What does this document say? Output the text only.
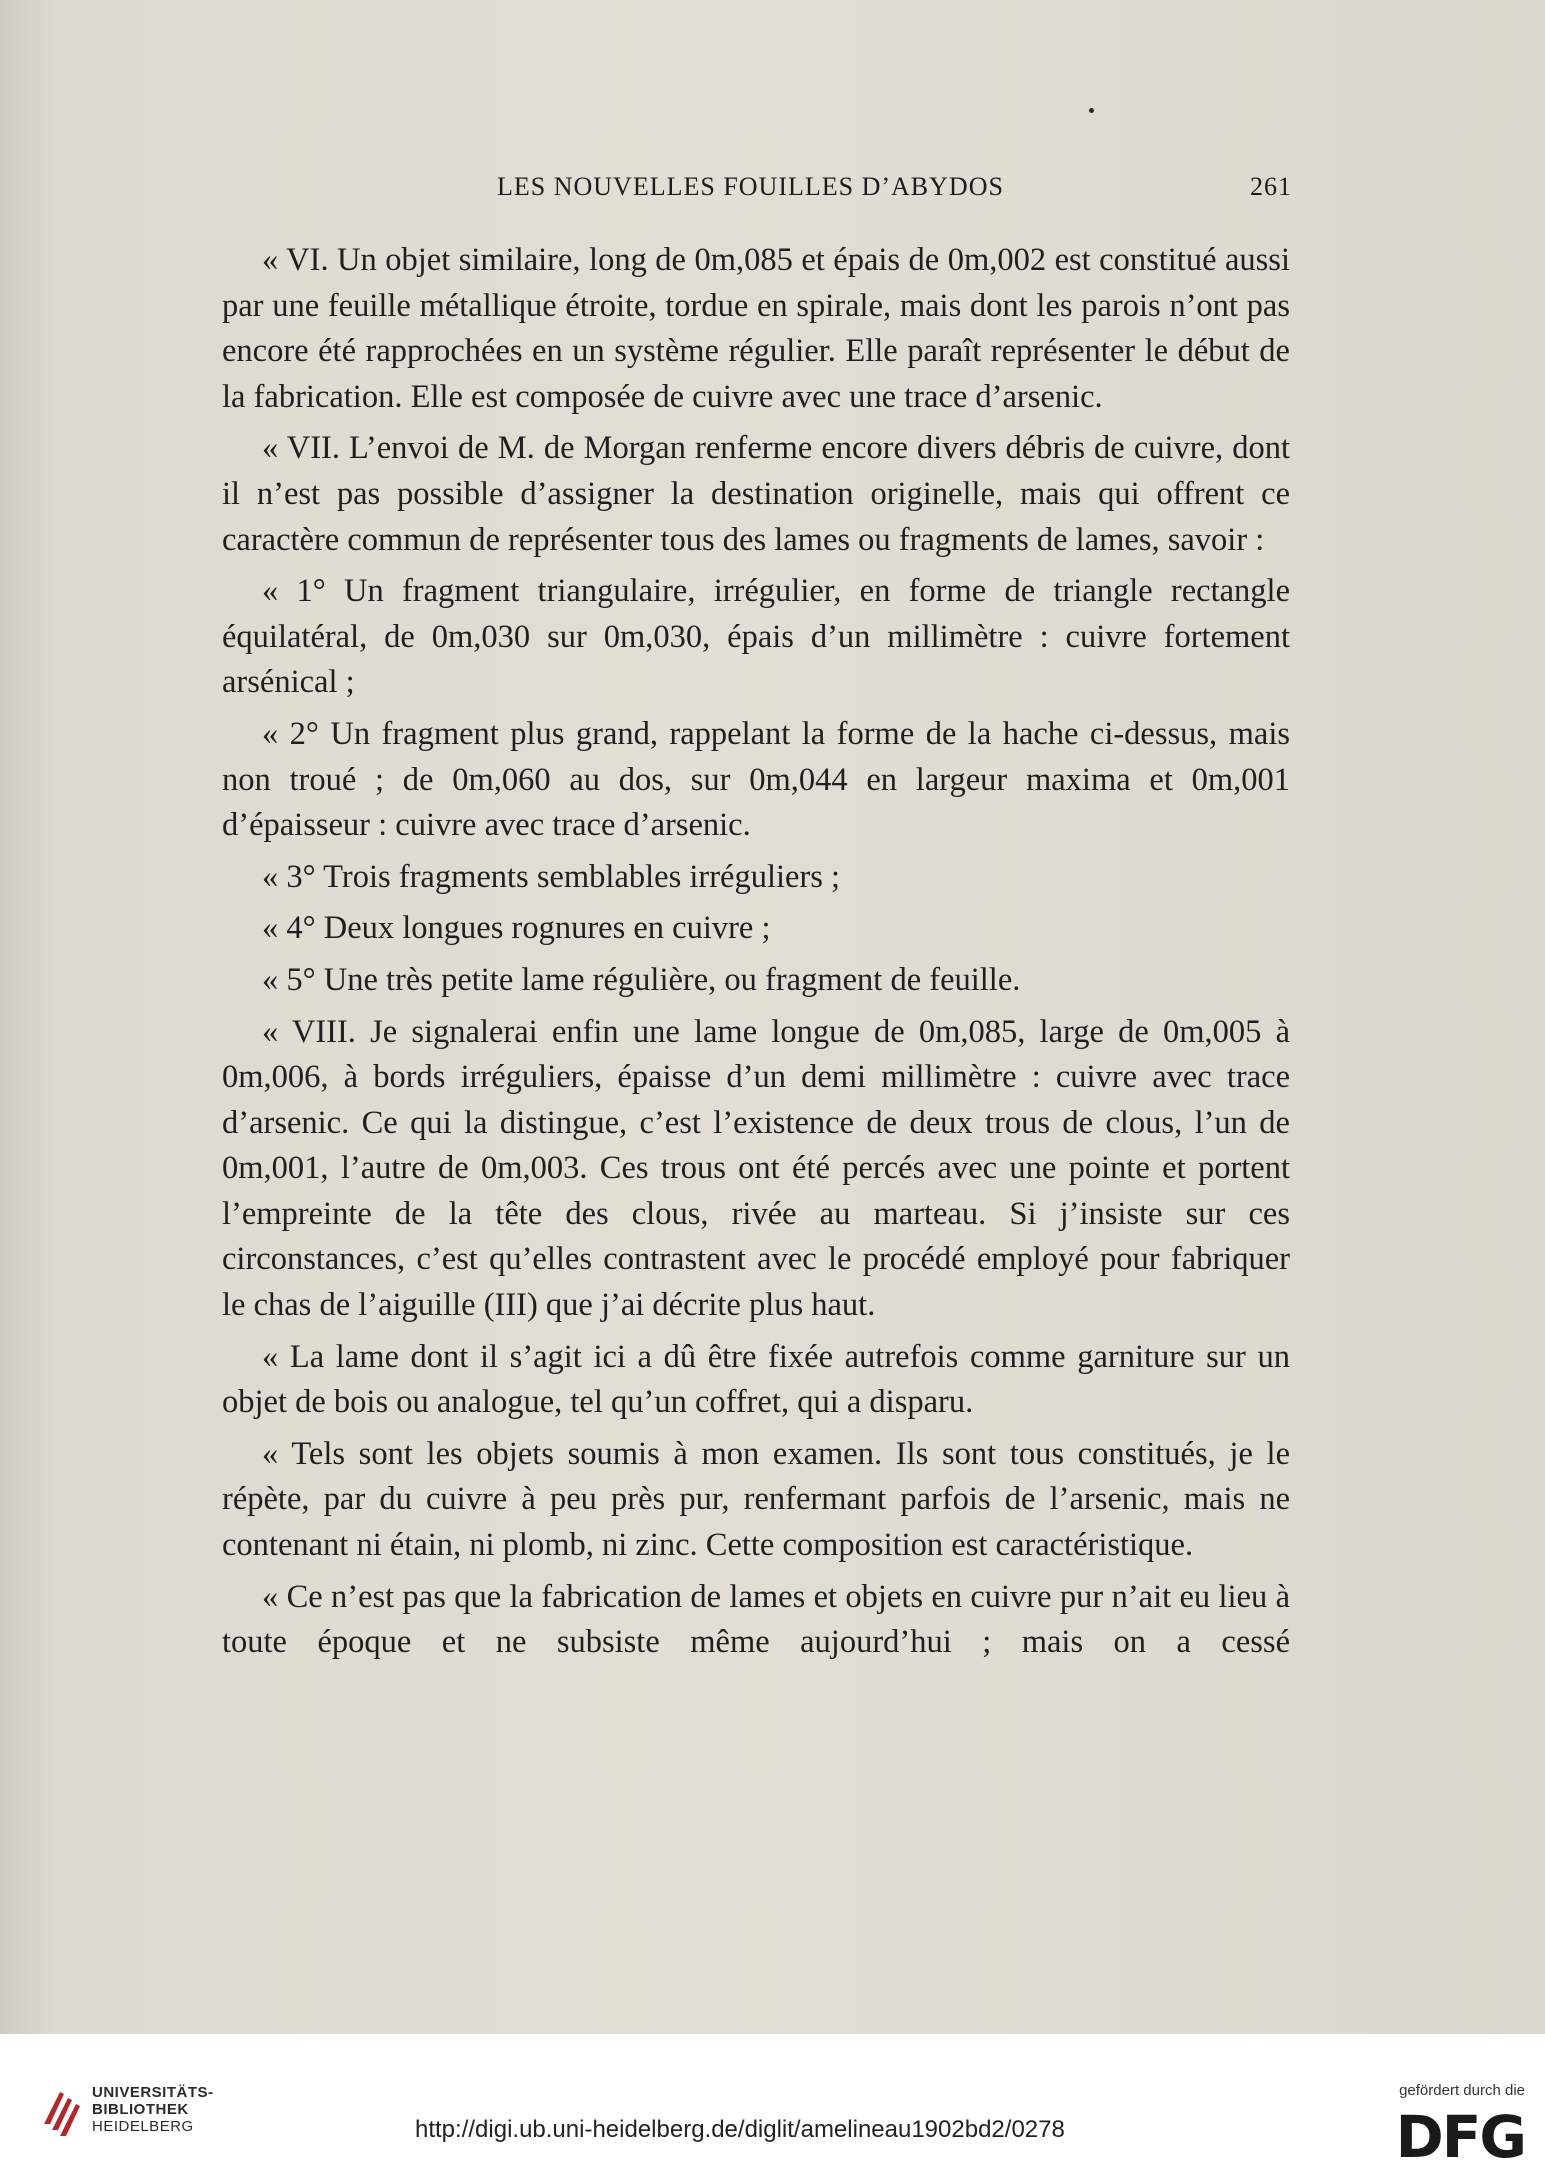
LES NOUVELLES FOUILLES D’ABYDOS	261

« VI. Un objet similaire, long de 0m,085 et épais de 0m,002 est constitué aussi par une feuille métallique étroite, tordue en spirale, mais dont les parois n’ont pas encore été rapprochées en un système régulier. Elle paraît représenter le début de la fabrication. Elle est composée de cuivre avec une trace d’arsenic.

« VII. L’envoi de M. de Morgan renferme encore divers débris de cuivre, dont il n’est pas possible d’assigner la destination originelle, mais qui offrent ce caractère commun de représenter tous des lames ou fragments de lames, savoir :

« 1° Un fragment triangulaire, irrégulier, en forme de triangle rectangle équilatéral, de 0m,030 sur 0m,030, épais d’un millimètre : cuivre fortement arsénical ;

« 2° Un fragment plus grand, rappelant la forme de la hache ci-dessus, mais non troué ; de 0m,060 au dos, sur 0m,044 en largeur maxima et 0m,001 d’épaisseur : cuivre avec trace d’arsenic.

« 3° Trois fragments semblables irréguliers ;

« 4° Deux longues rognures en cuivre ;

« 5° Une très petite lame régulière, ou fragment de feuille.

« VIII. Je signalerai enfin une lame longue de 0m,085, large de 0m,005 à 0m,006, à bords irréguliers, épaisse d’un demi millimètre : cuivre avec trace d’arsenic. Ce qui la distingue, c’est l’existence de deux trous de clous, l’un de 0m,001, l’autre de 0m,003. Ces trous ont été percés avec une pointe et portent l’empreinte de la tête des clous, rivée au marteau. Si j’insiste sur ces circonstances, c’est qu’elles contrastent avec le procédé employé pour fabriquer le chas de l’aiguille (III) que j’ai décrite plus haut.

« La lame dont il s’agit ici a dû être fixée autrefois comme garniture sur un objet de bois ou analogue, tel qu’un coffret, qui a disparu.

« Tels sont les objets soumis à mon examen. Ils sont tous constitués, je le répète, par du cuivre à peu près pur, renfermant parfois de l’arsenic, mais ne contenant ni étain, ni plomb, ni zinc. Cette composition est caractéristique.

« Ce n’est pas que la fabrication de lames et objets en cuivre pur n’ait eu lieu à toute époque et ne subsiste même aujourd’hui ; mais on a cessé

UNIVERSITÄTS-
BIBLIOTHEK
HEIDELBERG	http://digi.ub.uni-heidelberg.de/diglit/amelineau1902bd2/0278
gefördert durch die
DFG
